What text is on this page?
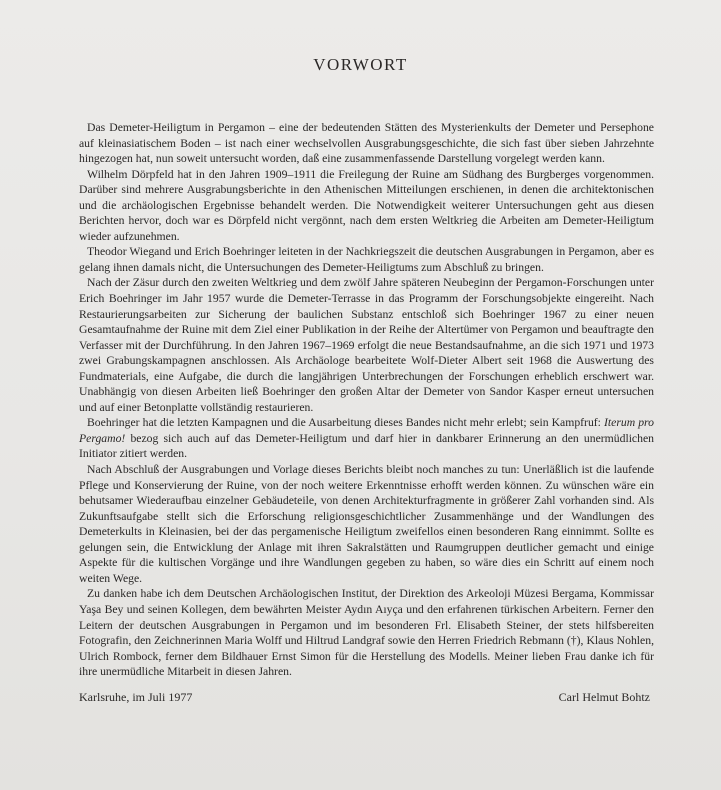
VORWORT

Das Demeter-Heiligtum in Pergamon – eine der bedeutenden Stätten des Mysterienkults der Demeter und Persephone auf kleinasiatischem Boden – ist nach einer wechselvollen Ausgrabungsgeschichte, die sich fast über sieben Jahrzehnte hingezogen hat, nun soweit untersucht worden, daß eine zusammenfassende Darstellung vorgelegt werden kann.

Wilhelm Dörpfeld hat in den Jahren 1909–1911 die Freilegung der Ruine am Südhang des Burgberges vorgenommen. Darüber sind mehrere Ausgrabungsberichte in den Athenischen Mitteilungen erschienen, in denen die architektonischen und die archäologischen Ergebnisse behandelt werden. Die Notwendigkeit weiterer Untersuchungen geht aus diesen Berichten hervor, doch war es Dörpfeld nicht vergönnt, nach dem ersten Weltkrieg die Arbeiten am Demeter-Heiligtum wieder aufzunehmen.

Theodor Wiegand und Erich Boehringer leiteten in der Nachkriegszeit die deutschen Ausgrabungen in Pergamon, aber es gelang ihnen damals nicht, die Untersuchungen des Demeter-Heiligtums zum Abschluß zu bringen.

Nach der Zäsur durch den zweiten Weltkrieg und dem zwölf Jahre späteren Neubeginn der Pergamon-Forschungen unter Erich Boehringer im Jahr 1957 wurde die Demeter-Terrasse in das Programm der Forschungsobjekte eingereiht. Nach Restaurierungsarbeiten zur Sicherung der baulichen Substanz entschloß sich Boehringer 1967 zu einer neuen Gesamtaufnahme der Ruine mit dem Ziel einer Publikation in der Reihe der Altertümer von Pergamon und beauftragte den Verfasser mit der Durchführung. In den Jahren 1967–1969 erfolgt die neue Bestandsaufnahme, an die sich 1971 und 1973 zwei Grabungskampagnen anschlossen. Als Archäologe bearbeitete Wolf-Dieter Albert seit 1968 die Auswertung des Fundmaterials, eine Aufgabe, die durch die langjährigen Unterbrechungen der Forschungen erheblich erschwert war. Unabhängig von diesen Arbeiten ließ Boehringer den großen Altar der Demeter von Sandor Kasper erneut untersuchen und auf einer Betonplatte vollständig restaurieren.

Boehringer hat die letzten Kampagnen und die Ausarbeitung dieses Bandes nicht mehr erlebt; sein Kampfruf: Iterum pro Pergamo! bezog sich auch auf das Demeter-Heiligtum und darf hier in dankbarer Erinnerung an den unermüdlichen Initiator zitiert werden.

Nach Abschluß der Ausgrabungen und Vorlage dieses Berichts bleibt noch manches zu tun: Unerläßlich ist die laufende Pflege und Konservierung der Ruine, von der noch weitere Erkenntnisse erhofft werden können. Zu wünschen wäre ein behutsamer Wiederaufbau einzelner Gebäudeteile, von denen Architekturfragmente in größerer Zahl vorhanden sind. Als Zukunftsaufgabe stellt sich die Erforschung religionsgeschichtlicher Zusammenhänge und der Wandlungen des Demeterkults in Kleinasien, bei der das pergamenische Heiligtum zweifellos einen besonderen Rang einnimmt. Sollte es gelungen sein, die Entwicklung der Anlage mit ihren Sakralstätten und Raumgruppen deutlicher gemacht und einige Aspekte für die kultischen Vorgänge und ihre Wandlungen gegeben zu haben, so wäre dies ein Schritt auf einem noch weiten Wege.

Zu danken habe ich dem Deutschen Archäologischen Institut, der Direktion des Arkeoloji Müzesi Bergama, Kommissar Yaşa Bey und seinen Kollegen, dem bewährten Meister Aydın Aıyça und den erfahrenen türkischen Arbeitern. Ferner den Leitern der deutschen Ausgrabungen in Pergamon und im besonderen Frl. Elisabeth Steiner, der stets hilfsbereiten Fotografin, den Zeichnerinnen Maria Wolff und Hiltrud Landgraf sowie den Herren Friedrich Rebmann (†), Klaus Nohlen, Ulrich Rombock, ferner dem Bildhauer Ernst Simon für die Herstellung des Modells. Meiner lieben Frau danke ich für ihre unermüdliche Mitarbeit in diesen Jahren.

Karlsruhe, im Juli 1977	Carl Helmut Bohtz
